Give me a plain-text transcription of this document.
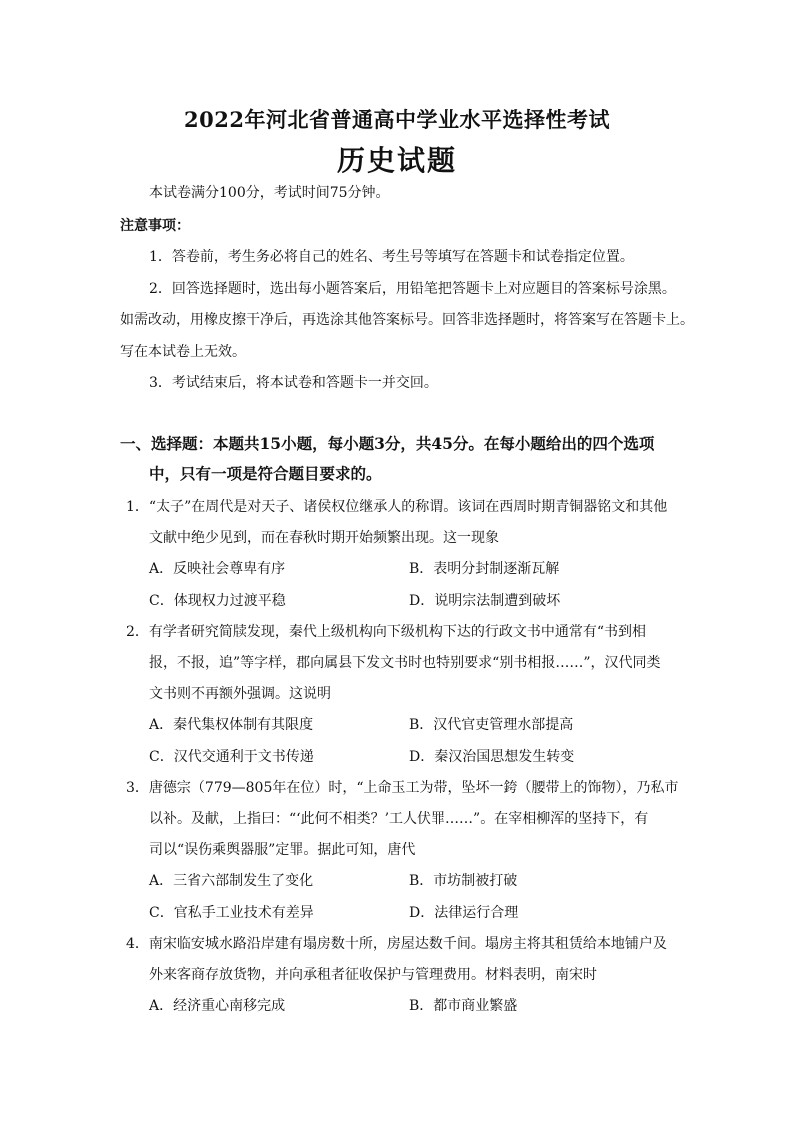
2022年河北省普通高中学业水平选择性考试
历史试题
本试卷满分100分，考试时间75分钟。
注意事项：
1．答卷前，考生务必将自己的姓名、考生号等填写在答题卡和试卷指定位置。
2．回答选择题时，选出每小题答案后，用铅笔把答题卡上对应题目的答案标号涂黑。
如需改动，用橡皮擦干净后，再选涂其他答案标号。回答非选择题时，将答案写在答题卡上。
写在本试卷上无效。
3．考试结束后，将本试卷和答题卡一并交回。
一、选择题：本题共15小题，每小题3分，共45分。在每小题给出的四个选项
中，只有一项是符合题目要求的。
1．“太子”在周代是对天子、诸侯权位继承人的称谓。该词在西周时期青铜器铭文和其他
文献中绝少见到，而在春秋时期开始频繁出现。这一现象
A．反映社会尊卑有序	B．表明分封制逐渐瓦解
C．体现权力过渡平稳	D．说明宗法制遭到破坏
2．有学者研究简牍发现，秦代上级机构向下级机构下达的行政文书中通常有“书到相
报，不报，追”等字样，郡向属县下发文书时也特别要求“别书相报……”，汉代同类
文书则不再额外强调。这说明
A．秦代集权体制有其限度	B．汉代官吏管理水部提高
C．汉代交通利于文书传递	D．秦汉治国思想发生转变
3．唐德宗（779—805年在位）时，“上命玉工为带，坠坏一銙（腰带上的饰物），乃私市
以补。及献，上指曰：“‘此何不相类？’工人伏罪……”。在宰相柳浑的坚持下，有
司以“误伤乘舆器服”定罪。据此可知，唐代
A．三省六部制发生了变化	B．市坊制被打破
C．官私手工业技术有差异	D．法律运行合理
4．南宋临安城水路沿岸建有塌房数十所，房屋达数千间。塌房主将其租赁给本地铺户及
外来客商存放货物，并向承租者征收保护与管理费用。材料表明，南宋时
A．经济重心南移完成	B．都市商业繁盛
